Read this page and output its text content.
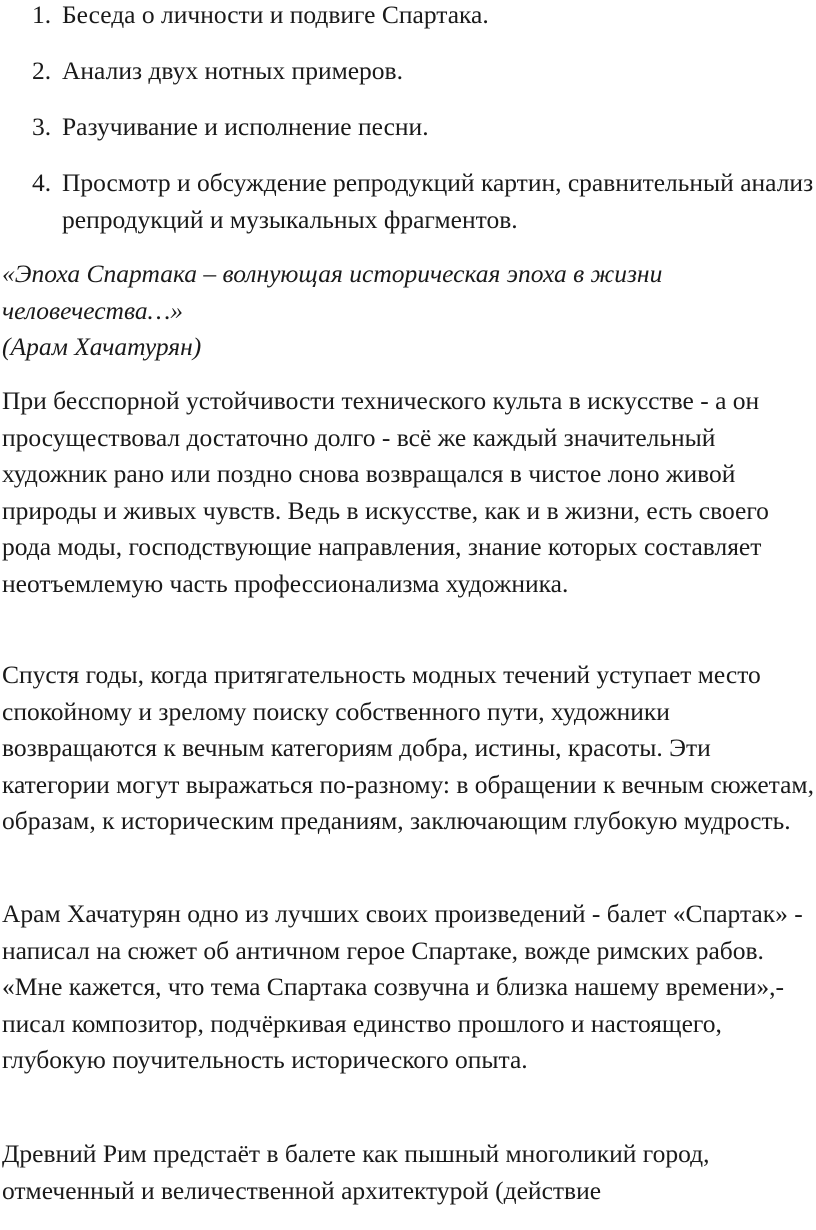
1. Беседа о личности и подвиге Спартака.
2. Анализ двух нотных примеров.
3. Разучивание и исполнение песни.
4. Просмотр и обсуждение репродукций картин, сравнительный анализ репродукций и музыкальных фрагментов.

«Эпоха Спартака – волнующая историческая эпоха в жизни человечества…»

(Арам Хачатурян)

При бесспорной устойчивости технического культа в искусстве - а он просуществовал достаточно долго - всё же каждый значительный художник рано или поздно снова возвращался в чистое лоно живой природы и живых чувств. Ведь в искусстве, как и в жизни, есть своего рода моды, господствующие направления, знание которых составляет неотъемлемую часть профессионализма художника.

Спустя годы, когда притягательность модных течений уступает место спокойному и зрелому поиску собственного пути, художники возвращаются к вечным категориям добра, истины, красоты. Эти категории могут выражаться по-разному: в обращении к вечным сюжетам, образам, к историческим преданиям, заключающим глубокую мудрость.

Арам Хачатурян одно из лучших своих произведений - балет «Спартак» - написал на сюжет об античном герое Спартаке, вожде римских рабов. «Мне кажется, что тема Спартака созвучна и близка нашему времени»,- писал композитор, подчёркивая единство прошлого и настоящего, глубокую поучительность исторического опыта.

Древний Рим предстаёт в балете как пышный многоликий город, отмеченный и величественной архитектурой (действие
